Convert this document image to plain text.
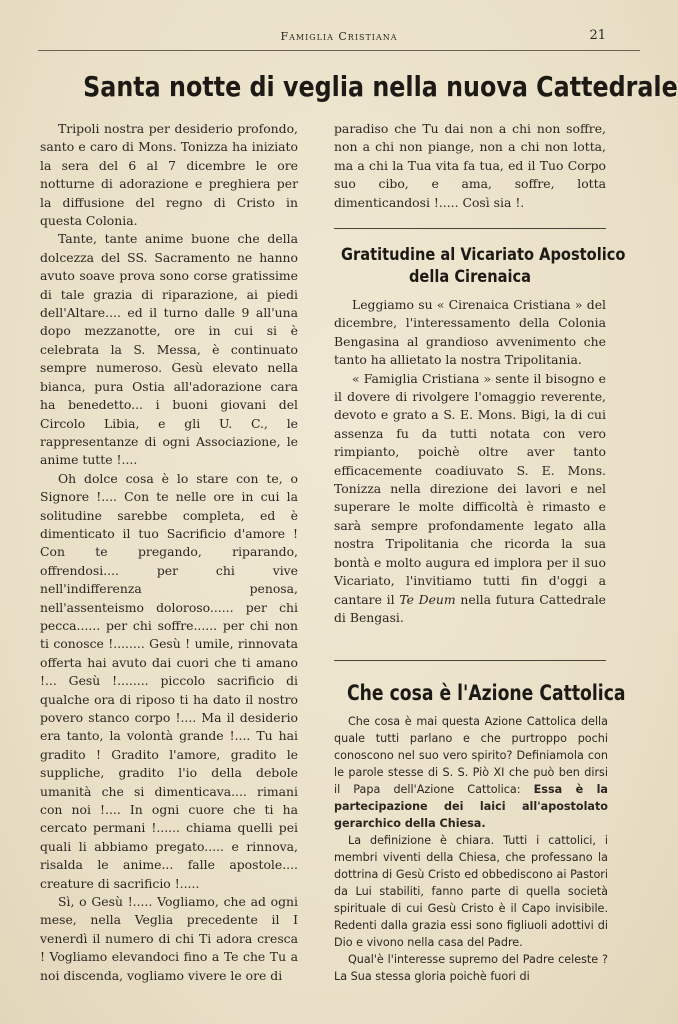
Famiglia Cristiana	21
Santa notte di veglia nella nuova Cattedrale

Tripoli nostra per desiderio profondo, santo e caro di Mons. Tonizza ha iniziato la sera del 6 al 7 dicembre le ore notturne di adorazione e preghiera per la diffusione del regno di Cristo in questa Colonia.

Tante, tante anime buone che della dolcezza del SS. Sacramento ne hanno avuto soave prova sono corse gratissime di tale grazia di riparazione, ai piedi dell'Altare.... ed il turno dalle 9 all'una dopo mezzanotte, ore in cui si è celebrata la S. Messa, è continuato sempre numeroso. Gesù elevato nella bianca, pura Ostia all'adorazione cara ha benedetto... i buoni giovani del Circolo Libia, e gli U. C., le rappresentanze di ogni Associazione, le anime tutte !....

Oh dolce cosa è lo stare con te, o Signore !.... Con te nelle ore in cui la solitudine sarebbe completa, ed è dimenticato il tuo Sacrificio d'amore ! Con te pregando, riparando, offrendosi.... per chi vive nell'indifferenza penosa, nell'assenteismo doloroso...... per chi pecca...... per chi soffre...... per chi non ti conosce !........ Gesù ! umile, rinnovata offerta hai avuto dai cuori che ti amano !... Gesù !........ piccolo sacrificio di qualche ora di riposo ti ha dato il nostro povero stanco corpo !.... Ma il desiderio era tanto, la volontà grande !.... Tu hai gradito ! Gradito l'amore, gradito le suppliche, gradito l'io della debole umanità che si dimenticava.... rimani con noi !.... In ogni cuore che ti ha cercato permani !...... chiama quelli pei quali li abbiamo pregato..... e rinnova, risalda le anime... falle apostole.... creature di sacrificio !.....

Sì, o Gesù !..... Vogliamo, che ad ogni mese, nella Veglia precedente il I venerdì il numero di chi Ti adora cresca ! Vogliamo elevandoci fino a Te che Tu a noi discenda, vogliamo vivere le ore di

paradiso che Tu dai non a chi non soffre, non a chi non piange, non a chi non lotta, ma a chi la Tua vita fa tua, ed il Tuo Corpo suo cibo, e ama, soffre, lotta dimenticandosi !..... Così sia !.

Gratitudine al Vicariato Apostolico
della Cirenaica

Leggiamo su « Cirenaica Cristiana » del dicembre, l'interessamento della Colonia Bengasina al grandioso avvenimento che tanto ha allietato la nostra Tripolitania.

« Famiglia Cristiana » sente il bisogno e il dovere di rivolgere l'omaggio reverente, devoto e grato a S. E. Mons. Bigi, la di cui assenza fu da tutti notata con vero rimpianto, poichè oltre aver tanto efficacemente coadiuvato S. E. Mons. Tonizza nella direzione dei lavori e nel superare le molte difficoltà è rimasto e sarà sempre profondamente legato alla nostra Tripolitania che ricorda la sua bontà e molto augura ed implora per il suo Vicariato, l'invitiamo tutti fin d'oggi a cantare il Te Deum nella futura Cattedrale di Bengasi.

Che cosa è l'Azione Cattolica

Che cosa è mai questa Azione Cattolica della quale tutti parlano e che purtroppo pochi conoscono nel suo vero spirito? Definiamola con le parole stesse di S. S. Piò XI che può ben dirsi il Papa dell'Azione Cattolica: Essa è la partecipazione dei laici all'apostolato gerarchico della Chiesa.

La definizione è chiara. Tutti i cattolici, i membri viventi della Chiesa, che professano la dottrina di Gesù Cristo ed obbediscono ai Pastori da Lui stabiliti, fanno parte di quella società spirituale di cui Gesù Cristo è il Capo invisibile. Redenti dalla grazia essi sono figliuoli adottivi di Dio e vivono nella casa del Padre.

Qual'è l'interesse supremo del Padre celeste ? La Sua stessa gloria poichè fuori di
